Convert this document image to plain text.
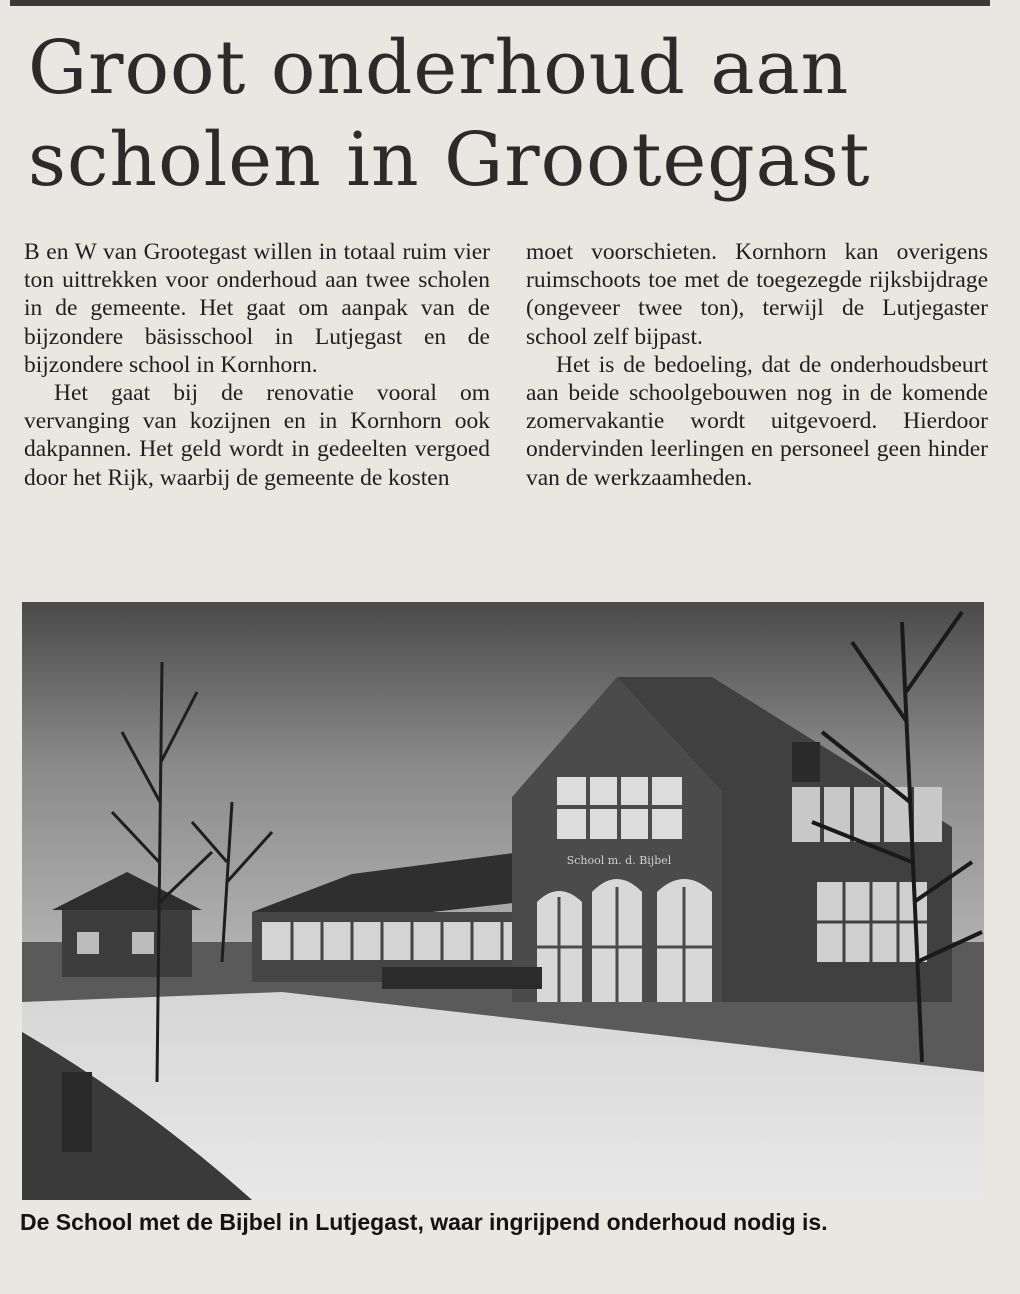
Groot onderhoud aan
scholen in Grootegast

B en W van Grootegast willen in totaal ruim vier ton uittrekken voor onderhoud aan twee scholen in de gemeente. Het gaat om aanpak van de bijzondere bäsisschool in Lutjegast en de bijzondere school in Kornhorn.

Het gaat bij de renovatie vooral om vervanging van kozijnen en in Kornhorn ook dakpannen. Het geld wordt in gedeelten vergoed door het Rijk, waarbij de gemeente de kosten

moet voorschieten. Kornhorn kan overigens ruimschoots toe met de toegezegde rijksbijdrage (ongeveer twee ton), terwijl de Lutjegaster school zelf bijpast.

Het is de bedoeling, dat de onderhoudsbeurt aan beide schoolgebouwen nog in de komende zomervakantie wordt uitgevoerd. Hierdoor ondervinden leerlingen en personeel geen hinder van de werkzaamheden.

School m. d. Bijbel

De School met de Bijbel in Lutjegast, waar ingrijpend onderhoud nodig is.
